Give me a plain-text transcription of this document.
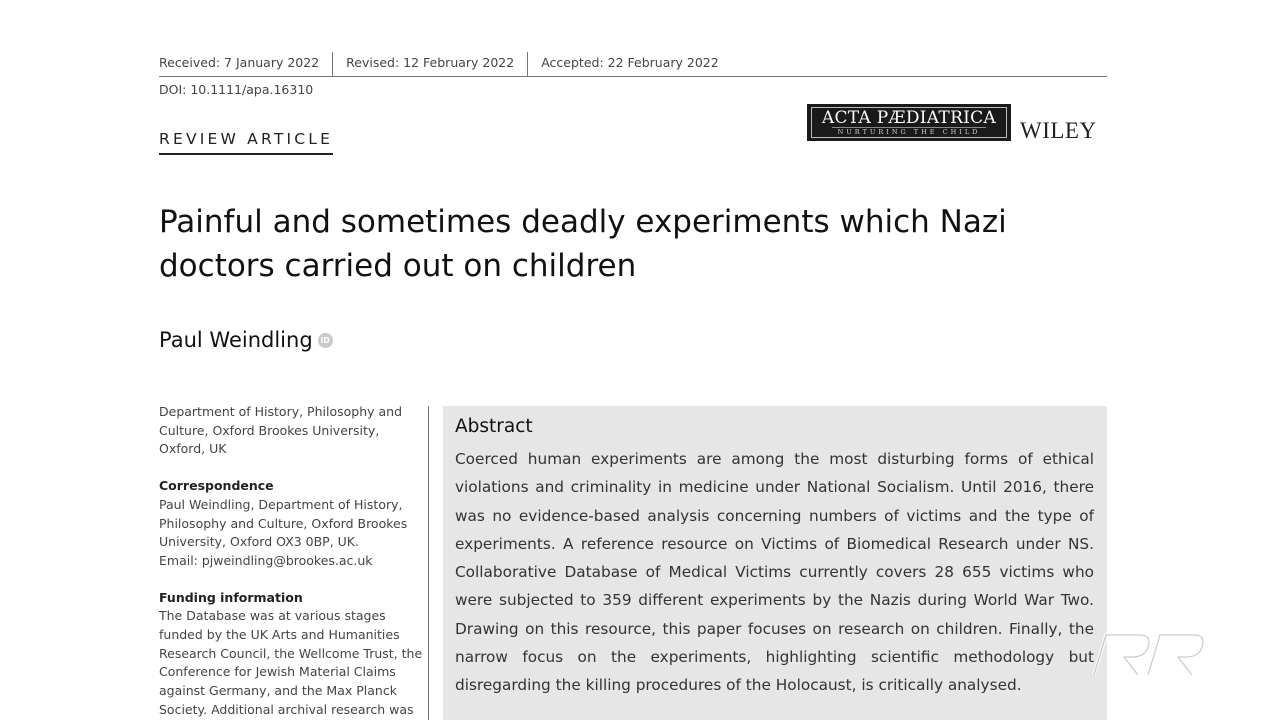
Received: 7 January 2022 Revised: 12 February 2022 Accepted: 22 February 2022
DOI: 10.1111/apa.16310
REVIEW ARTICLE
ACTA PÆDIATRICA
NURTURING THE CHILD WILEY
Painful and sometimes deadly experiments which Nazi doctors carried out on children
Paul Weindling iD
Department of History, Philosophy and Culture, Oxford Brookes University, Oxford, UK
Correspondence
Paul Weindling, Department of History, Philosophy and Culture, Oxford Brookes University, Oxford OX3 0BP, UK.
Email: pjweindling@brookes.ac.uk
Funding information
The Database was at various stages funded by the UK Arts and Humanities Research Council, the Wellcome Trust, the Conference for Jewish Material Claims against Germany, and the Max Planck Society. Additional archival research was
Abstract

Coerced human experiments are among the most disturbing forms of ethical violations and criminality in medicine under National Socialism. Until 2016, there was no evidence-based analysis concerning numbers of victims and the type of experiments. A reference resource on Victims of Biomedical Research under NS. Collaborative Database of Medical Victims currently covers 28 655 victims who were subjected to 359 different experiments by the Nazis during World War Two. Drawing on this resource, this paper focuses on research on children. Finally, the narrow focus on the experiments, highlighting scientific methodology but disregarding the killing procedures of the Holocaust, is critically analysed.
